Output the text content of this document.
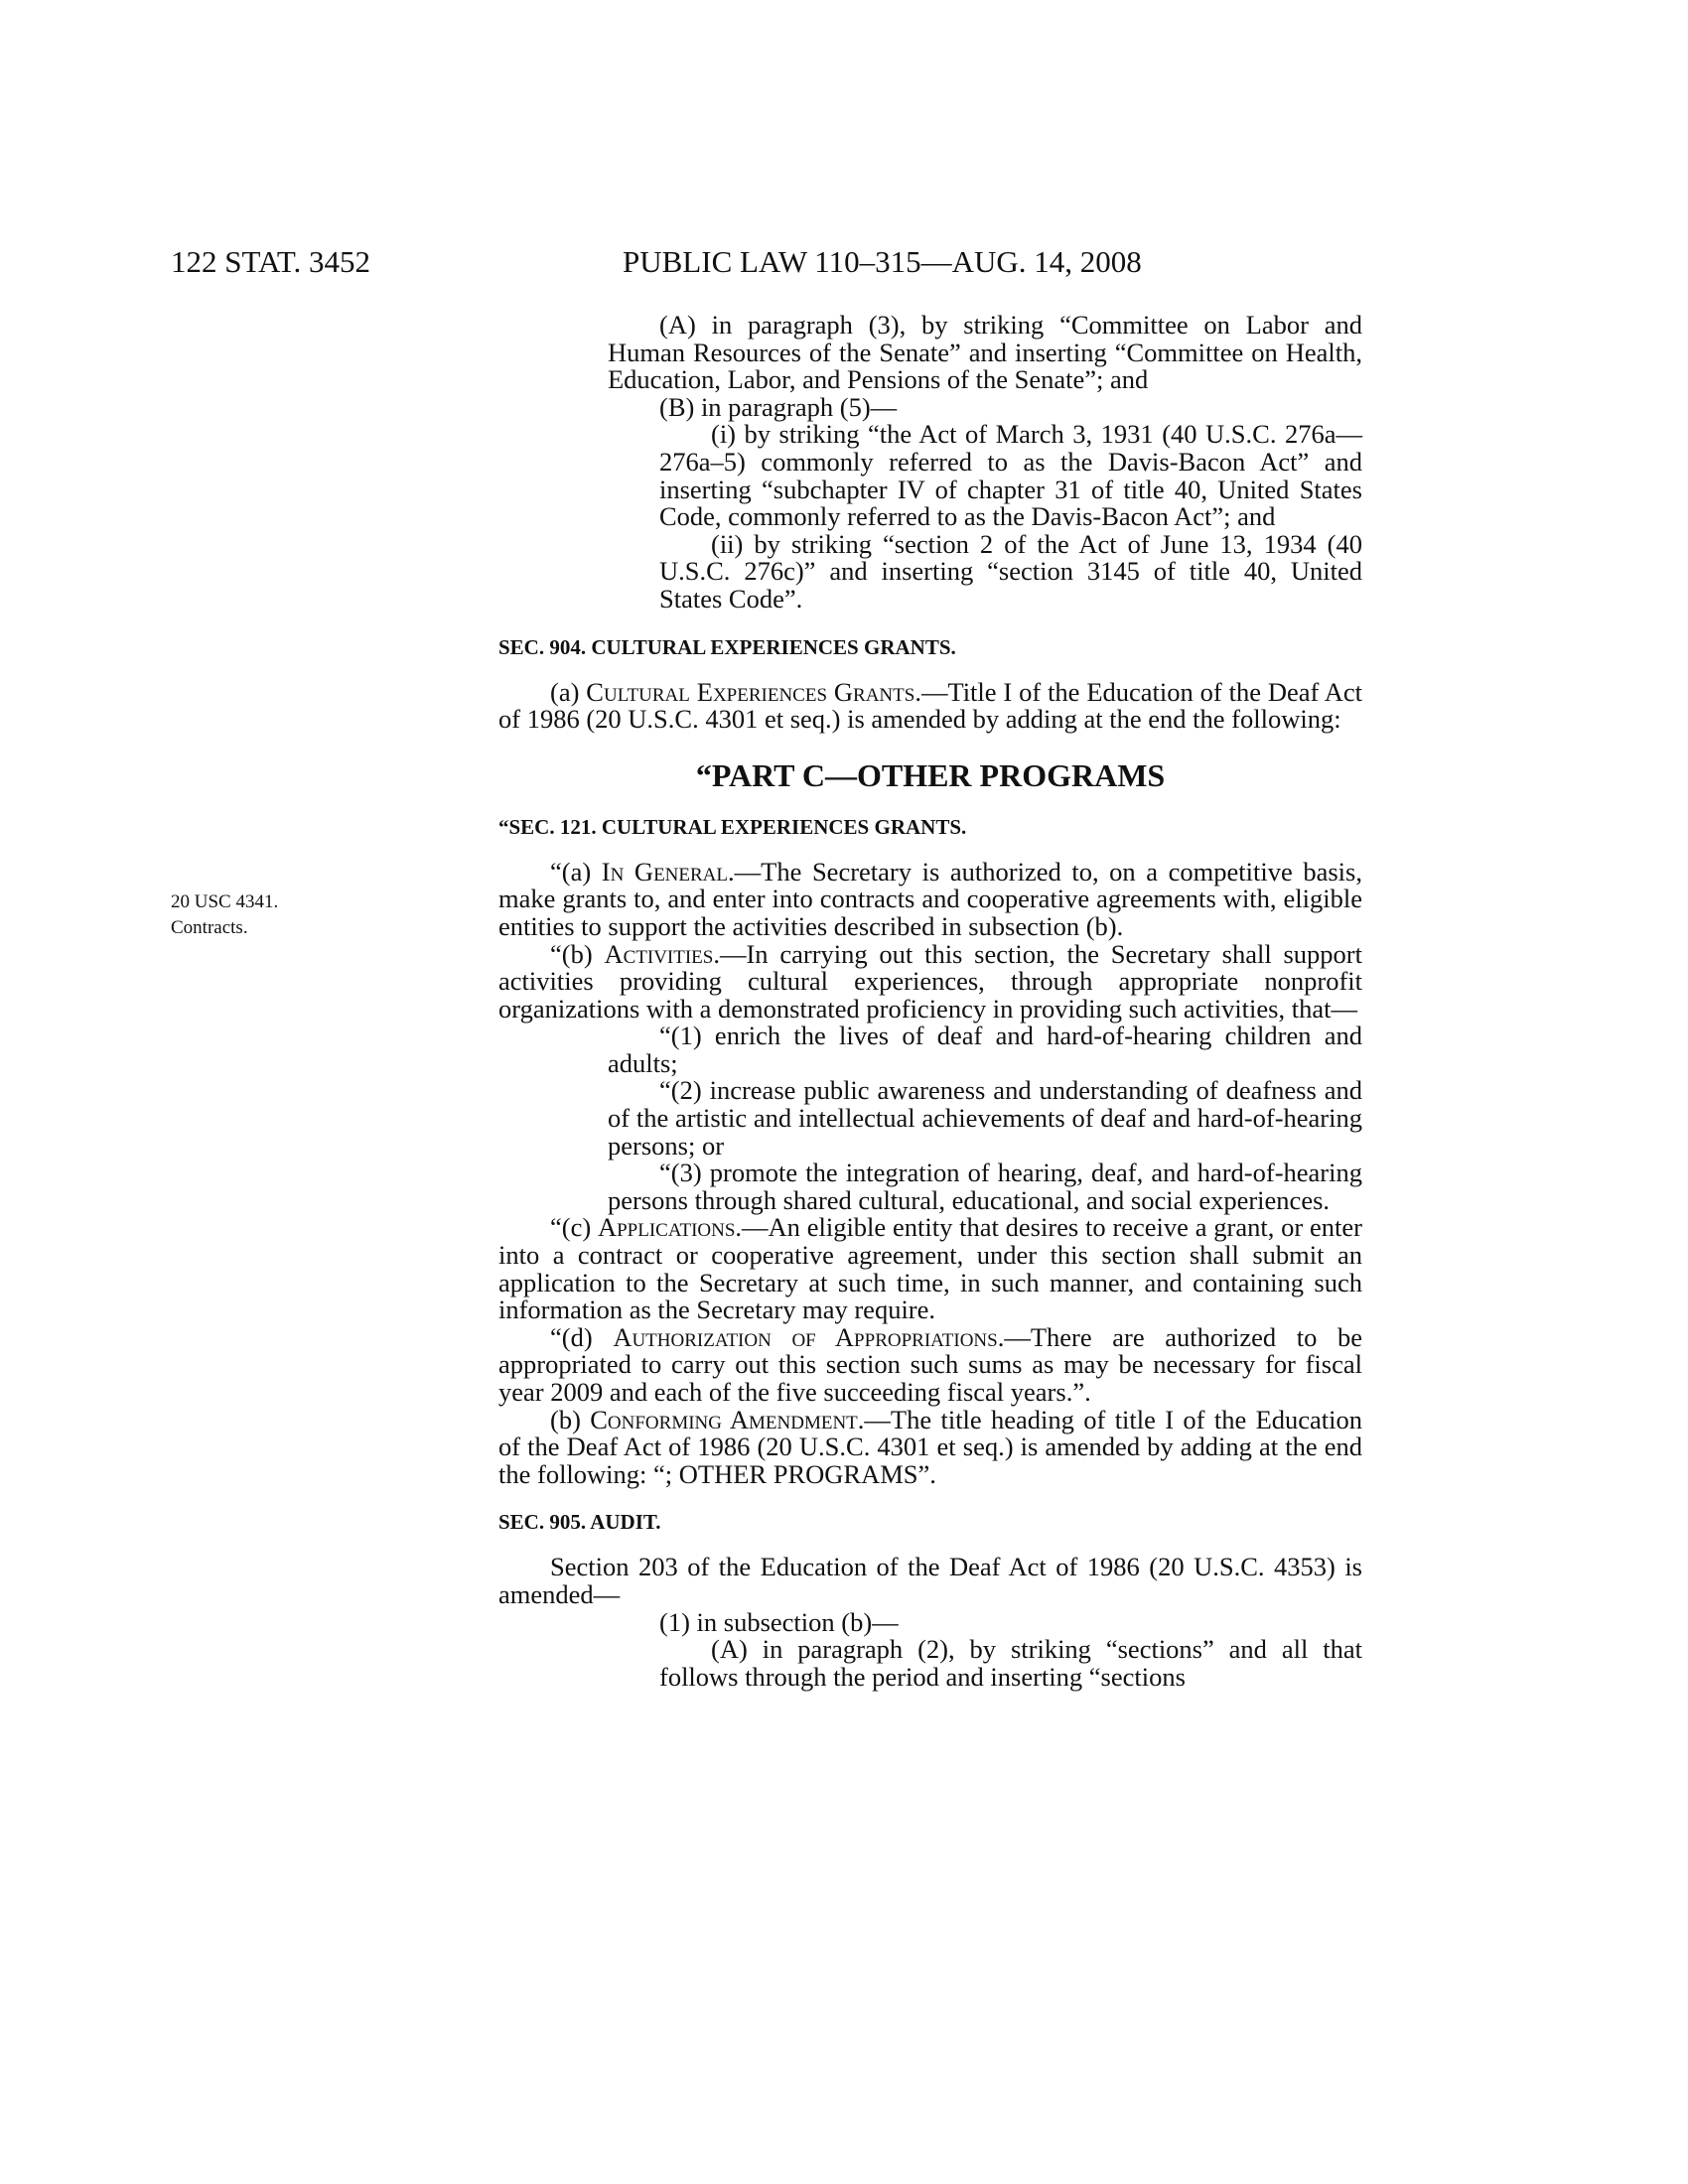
122 STAT. 3452	PUBLIC LAW 110–315—AUG. 14, 2008
20 USC 4341.
Contracts.

(A) in paragraph (3), by striking “Committee on Labor and Human Resources of the Senate” and inserting “Committee on Health, Education, Labor, and Pensions of the Senate”; and

(B) in paragraph (5)—

(i) by striking “the Act of March 3, 1931 (40 U.S.C. 276a—276a–5) commonly referred to as the Davis-Bacon Act” and inserting “subchapter IV of chapter 31 of title 40, United States Code, commonly referred to as the Davis-Bacon Act”; and

(ii) by striking “section 2 of the Act of June 13, 1934 (40 U.S.C. 276c)” and inserting “section 3145 of title 40, United States Code”.

SEC. 904. CULTURAL EXPERIENCES GRANTS.

(a) Cultural Experiences Grants.—Title I of the Education of the Deaf Act of 1986 (20 U.S.C. 4301 et seq.) is amended by adding at the end the following:

“PART C—OTHER PROGRAMS

“SEC. 121. CULTURAL EXPERIENCES GRANTS.

“(a) In General.—The Secretary is authorized to, on a competitive basis, make grants to, and enter into contracts and cooperative agreements with, eligible entities to support the activities described in subsection (b).

“(b) Activities.—In carrying out this section, the Secretary shall support activities providing cultural experiences, through appropriate nonprofit organizations with a demonstrated proficiency in providing such activities, that—

“(1) enrich the lives of deaf and hard-of-hearing children and adults;

“(2) increase public awareness and understanding of deafness and of the artistic and intellectual achievements of deaf and hard-of-hearing persons; or

“(3) promote the integration of hearing, deaf, and hard-of-hearing persons through shared cultural, educational, and social experiences.

“(c) Applications.—An eligible entity that desires to receive a grant, or enter into a contract or cooperative agreement, under this section shall submit an application to the Secretary at such time, in such manner, and containing such information as the Secretary may require.

“(d) Authorization of Appropriations.—There are authorized to be appropriated to carry out this section such sums as may be necessary for fiscal year 2009 and each of the five succeeding fiscal years.”.

(b) Conforming Amendment.—The title heading of title I of the Education of the Deaf Act of 1986 (20 U.S.C. 4301 et seq.) is amended by adding at the end the following: “; OTHER PROGRAMS”.

SEC. 905. AUDIT.

Section 203 of the Education of the Deaf Act of 1986 (20 U.S.C. 4353) is amended—

(1) in subsection (b)—

(A) in paragraph (2), by striking “sections” and all that follows through the period and inserting “sections
